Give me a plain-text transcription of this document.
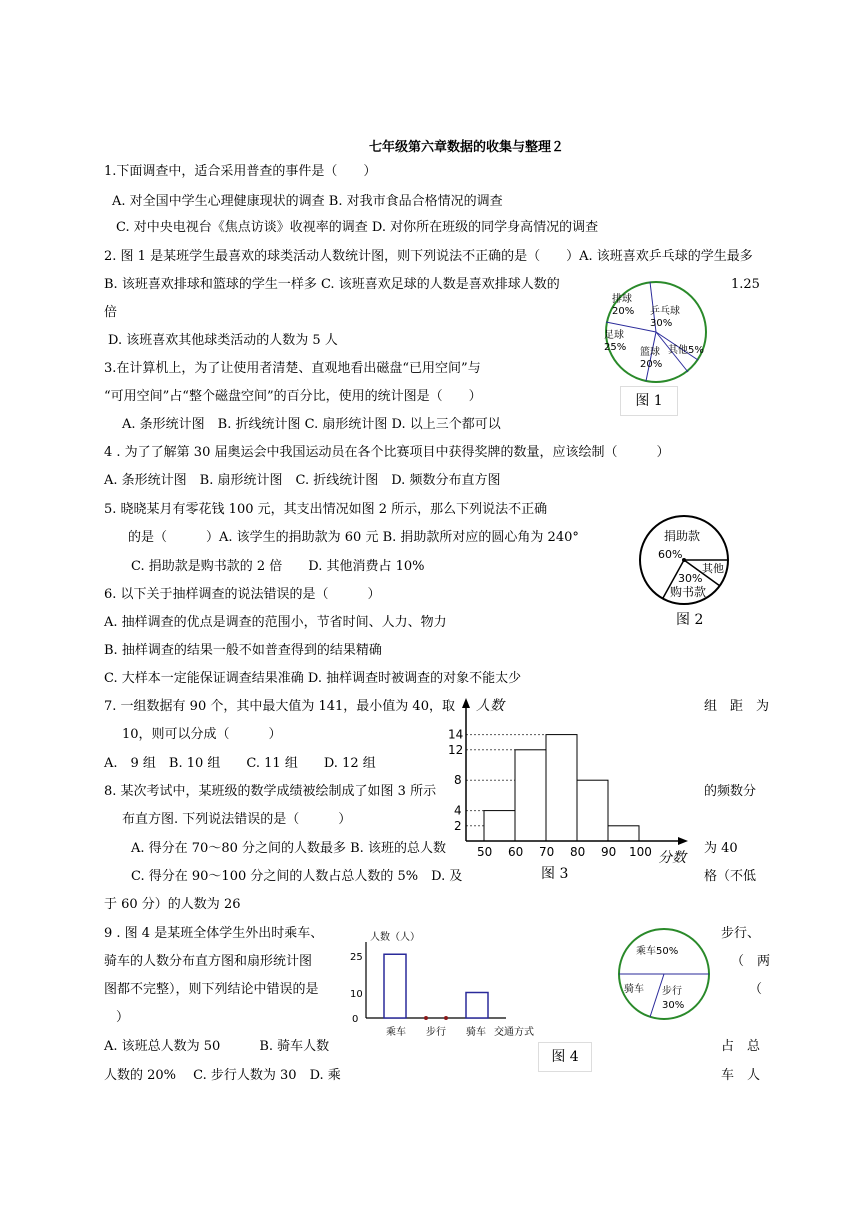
七年级第六章数据的收集与整理２
1.下面调查中，适合采用普查的事件是（　　）
A. 对全国中学生心理健康现状的调查 B. 对我市食品合格情况的调查
C. 对中央电视台《焦点访谈》收视率的调查 D. 对你所在班级的同学身高情况的调查
2. 图 1 是某班学生最喜欢的球类活动人数统计图，则下列说法不正确的是（　　）A. 该班喜欢乒乓球的学生最多
B. 该班喜欢排球和篮球的学生一样多 C. 该班喜欢足球的人数是喜欢排球人数的	1.25
倍
D. 该班喜欢其他球类活动的人数为 5 人
3.在计算机上，为了让使用者清楚、直观地看出磁盘“已用空间”与
“可用空间”占“整个磁盘空间”的百分比，使用的统计图是（　　）
A. 条形统计图　B. 折线统计图 C. 扇形统计图 D. 以上三个都可以
4 . 为了了解第 30 届奥运会中我国运动员在各个比赛项目中获得奖牌的数量，应该绘制（　　　）
A. 条形统计图　B. 扇形统计图　C. 折线统计图　D. 频数分布直方图
5. 晓晓某月有零花钱 100 元，其支出情况如图 2 所示，那么下列说法不正确
的是（　　　）A. 该学生的捐助款为 60 元 B. 捐助款所对应的圆心角为 240°
C. 捐助款是购书款的 2 倍　　D. 其他消费占 10%
6. 以下关于抽样调查的说法错误的是（　　　）
A. 抽样调查的优点是调查的范围小，节省时间、人力、物力
B. 抽样调查的结果一般不如普查得到的结果精确
C. 大样本一定能保证调查结果准确 D. 抽样调查时被调查的对象不能太少
7. 一组数据有 90 个，其中最大值为 141，最小值为 40，取	组　距　为
10，则可以分成（　　　）
A.　9 组　B. 10 组　　C. 11 组　　D. 12 组
8. 某次考试中，某班级的数学成绩被绘制成了如图 3 所示	的频数分
布直方图. 下列说法错误的是（　　　）
A. 得分在 70～80 分之间的人数最多 B. 该班的总人数	为 40
C. 得分在 90～100 分之间的人数占总人数的 5%　D. 及	格（不低
于 60 分）的人数为 26
9 . 图 4 是某班全体学生外出时乘车、	步行、
骑车的人数分布直方图和扇形统计图	（　两
图都不完整），则下列结论中错误的是	（
）
A. 该班总人数为 50　　　B. 骑车人数	占　总
人数的 20%　 C. 步行人数为 30　D. 乘	车　人
排球
20% 乒乓球
30%
其他5%
篮球
20%
足球
25%
图 1
捐助款
60%
其他
30%
购书款
图 2
人数
分数
14
12
8
4
2
50 60 70 80 90 100
图 3
人数（人）
25
10
0
乘车 步行 骑车 交通方式
乘车50%
骑车 步行
30%
图 4
